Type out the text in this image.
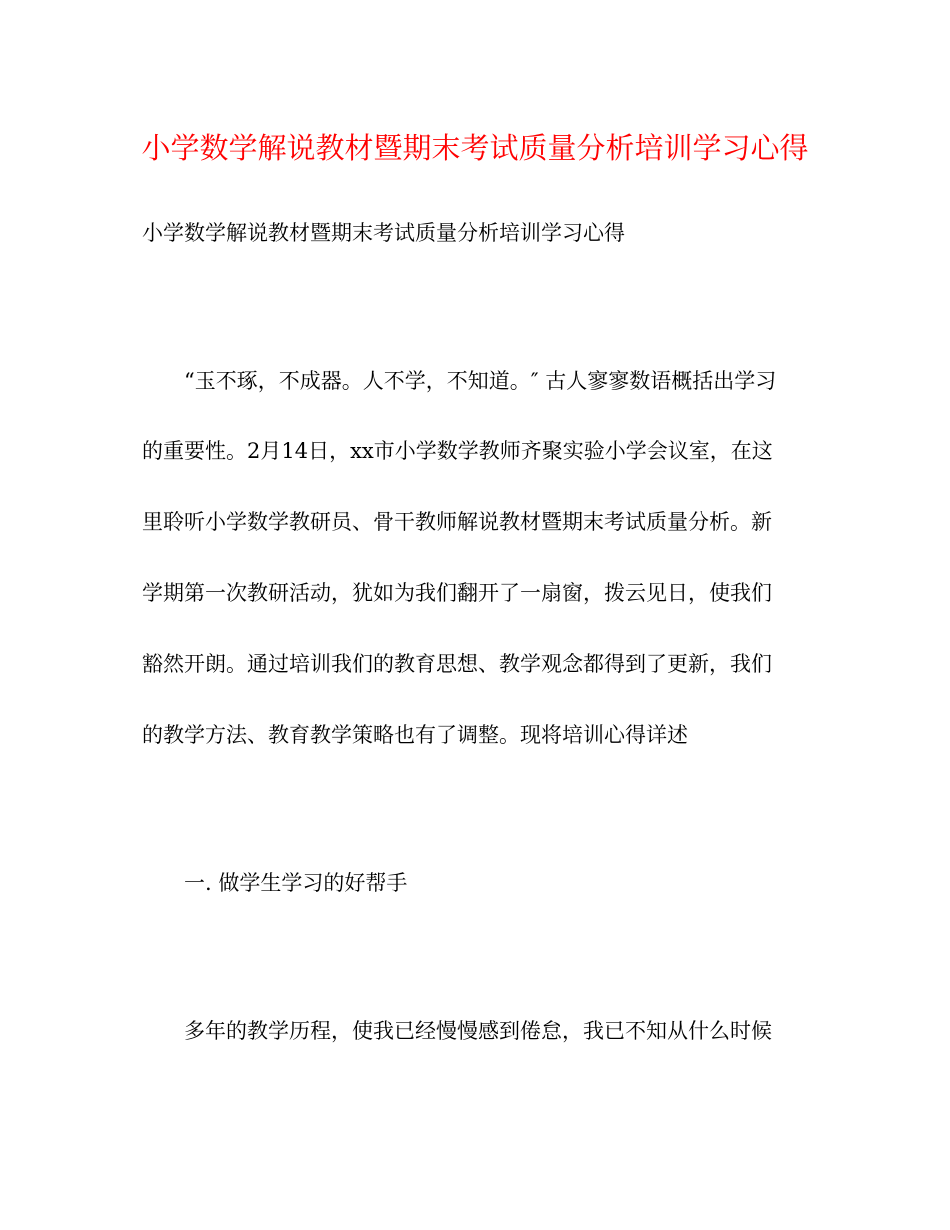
小学数学解说教材暨期末考试质量分析培训学习心得
小学数学解说教材暨期末考试质量分析培训学习心得
“玉不琢，不成器。人不学，不知道。″ 古人寥寥数语概括出学习
的重要性。2月14日，xx市小学数学教师齐聚实验小学会议室，在这
里聆听小学数学教研员、骨干教师解说教材暨期末考试质量分析。新
学期第一次教研活动，犹如为我们翻开了一扇窗，拨云见日，使我们
豁然开朗。通过培训我们的教育思想、教学观念都得到了更新，我们
的教学方法、教育教学策略也有了调整。现将培训心得详述
一. 做学生学习的好帮手
多年的教学历程，使我已经慢慢感到倦怠，我已不知从什么时候
